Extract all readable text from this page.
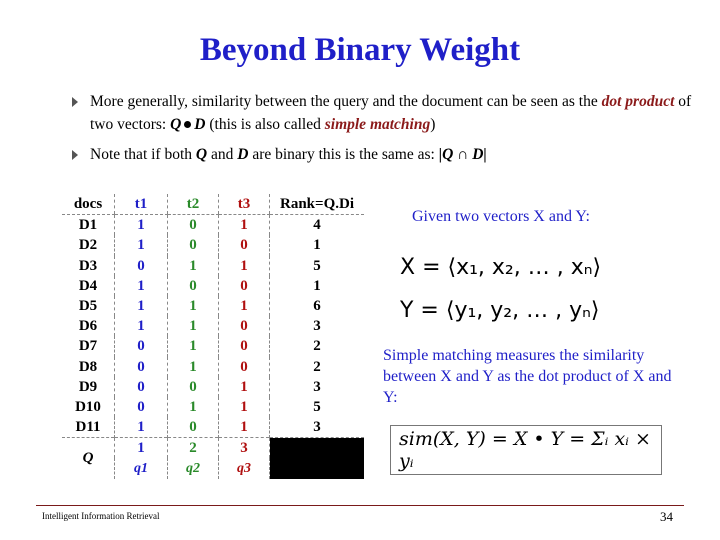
Beyond Binary Weight
More generally, similarity between the query and the document can be seen as the dot product of two vectors: Q D (this is also called simple matching)
Note that if both Q and D are binary this is the same as: |Q ∩ D|
docs	t1	t2	t3	Rank=Q.Di
D1	1	0	1	4
D2	1	0	0	1
D3	0	1	1	5
D4	1	0	0	1
D5	1	1	1	6
D6	1	1	0	3
D7	0	1	0	2
D8	0	1	0	2
D9	0	0	1	3
D10	0	1	1	5
D11	1	0	1	3
Q	1	2	3	
	q1	q2	q3	
Given two vectors X and Y:
X = ⟨x₁, x₂, … , xₙ⟩
Y = ⟨y₁, y₂, … , yₙ⟩
Simple matching measures the similarity between X and Y as the dot product of X and Y:
sim(X, Y) = X • Y = Σᵢ xᵢ × yᵢ
Intelligent Information Retrieval	34
